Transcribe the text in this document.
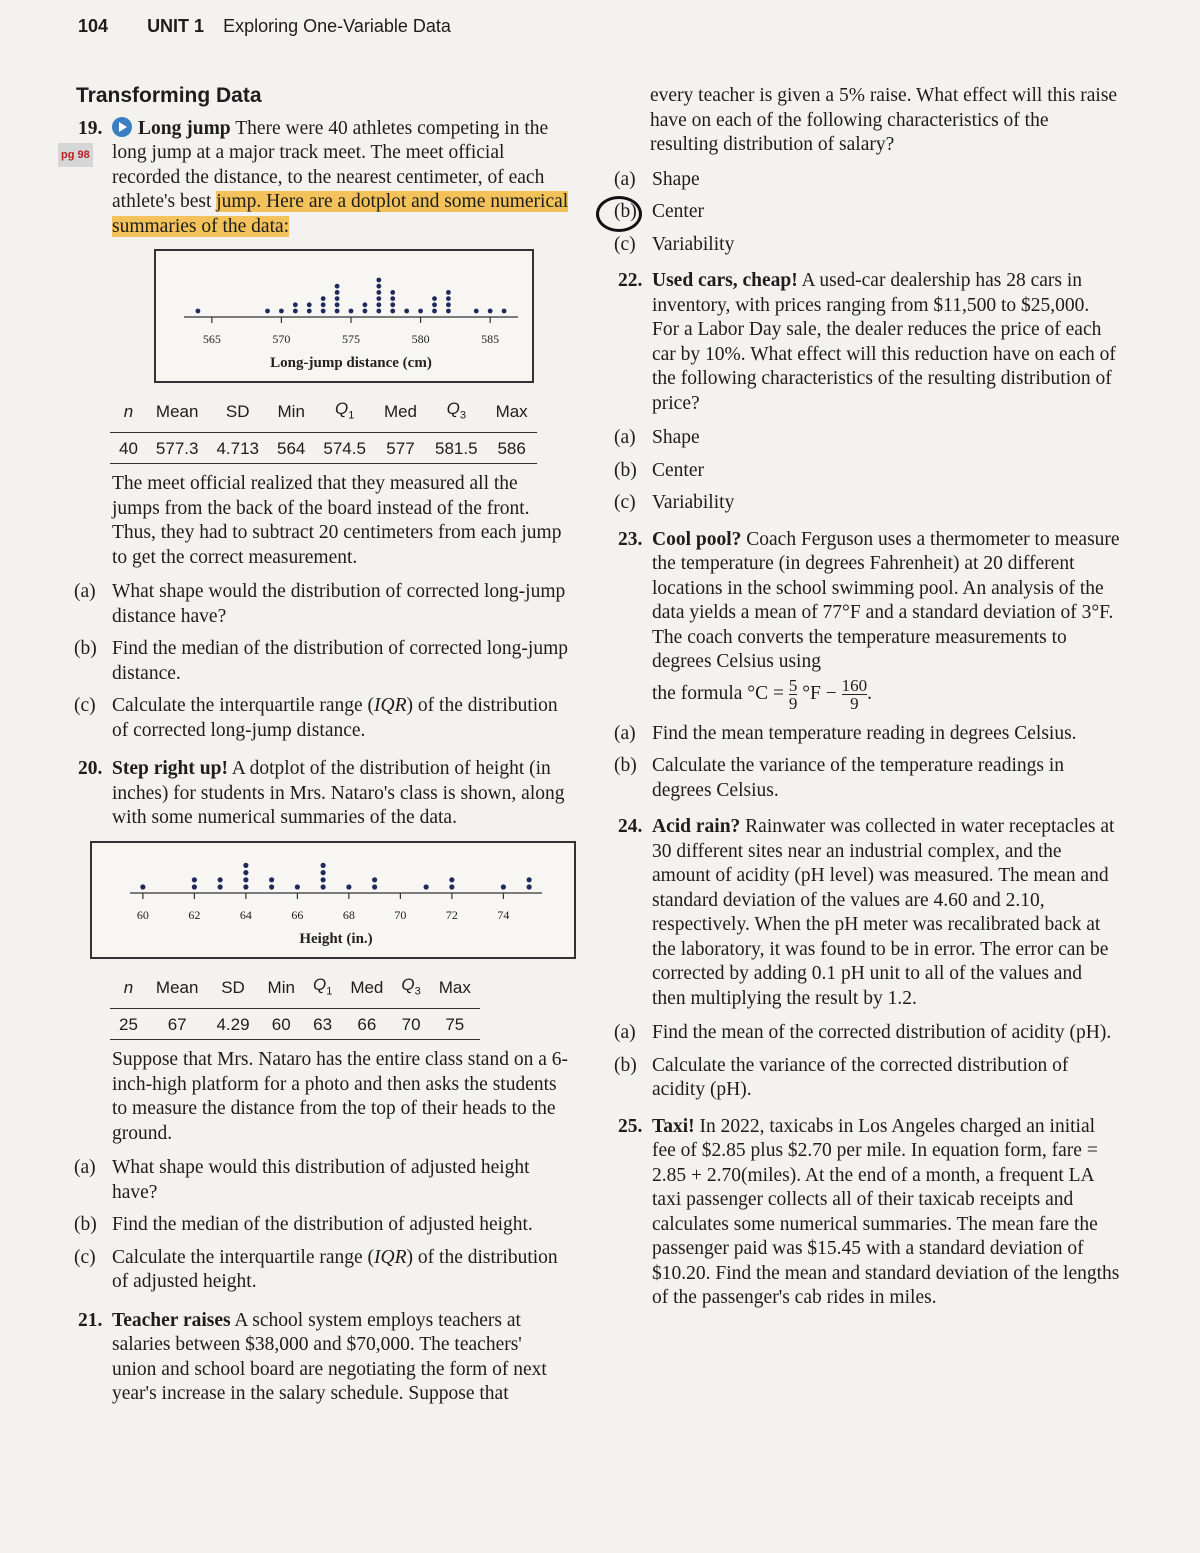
104 UNIT 1 Exploring One-Variable Data
Transforming Data
19.
pg 98
Long jump There were 40 athletes competing in the long jump at a major track meet. The meet official recorded the distance, to the nearest centimeter, of each athlete's best jump. Here are a dotplot and some numerical summaries of the data:
565	570	575	580	585
Long-jump distance (cm)
n	Mean	SD	Min	$Q_1$	Med	$Q_3$	Max
40	577.3	4.713	564	574.5	577	581.5	586
The meet official realized that they measured all the jumps from the back of the board instead of the front. Thus, they had to subtract 20 centimeters from each jump to get the correct measurement.
(a) What shape would the distribution of corrected long-jump distance have?
(b) Find the median of the distribution of corrected long-jump distance.
(c) Calculate the interquartile range (IQR) of the distribution of corrected long-jump distance.
20. Step right up! A dotplot of the distribution of height (in inches) for students in Mrs. Nataro's class is shown, along with some numerical summaries of the data.
60	62	64	66	68	70	72	74
Height (in.)
n	Mean	SD	Min	$Q_1$	Med	$Q_3$	Max
25	67	4.29	60	63	66	70	75
Suppose that Mrs. Nataro has the entire class stand on a 6-inch-high platform for a photo and then asks the students to measure the distance from the top of their heads to the ground.
(a) What shape would this distribution of adjusted height have?
(b) Find the median of the distribution of adjusted height.
(c) Calculate the interquartile range (IQR) of the distribution of adjusted height.
21. Teacher raises A school system employs teachers at salaries between $38,000 and $70,000. The teachers' union and school board are negotiating the form of next year's increase in the salary schedule. Suppose that
every teacher is given a 5% raise. What effect will this raise have on each of the following characteristics of the resulting distribution of salary?
(a) Shape
(b) Center
(c) Variability
22. Used cars, cheap! A used-car dealership has 28 cars in inventory, with prices ranging from $11,500 to $25,000. For a Labor Day sale, the dealer reduces the price of each car by 10%. What effect will this reduction have on each of the following characteristics of the resulting distribution of price?
(a) Shape
(b) Center
(c) Variability
23. Cool pool? Coach Ferguson uses a thermometer to measure the temperature (in degrees Fahrenheit) at 20 different locations in the school swimming pool. An analysis of the data yields a mean of 77°F and a standard deviation of 3°F. The coach converts the temperature measurements to degrees Celsius using
the formula $^\circ C = \frac{5}{9} ^\circ F - \frac{160}{9}$ .
(a) Find the mean temperature reading in degrees Celsius.
(b) Calculate the variance of the temperature readings in degrees Celsius.
24. Acid rain? Rainwater was collected in water receptacles at 30 different sites near an industrial complex, and the amount of acidity (pH level) was measured. The mean and standard deviation of the values are 4.60 and 2.10, respectively. When the pH meter was recalibrated back at the laboratory, it was found to be in error. The error can be corrected by adding 0.1 pH unit to all of the values and then multiplying the result by 1.2.
(a) Find the mean of the corrected distribution of acidity (pH).
(b) Calculate the variance of the corrected distribution of acidity (pH).
25. Taxi! In 2022, taxicabs in Los Angeles charged an initial fee of $2.85 plus $2.70 per mile. In equation form, fare = 2.85 + 2.70(miles). At the end of a month, a frequent LA taxi passenger collects all of their taxicab receipts and calculates some numerical summaries. The mean fare the passenger paid was $15.45 with a standard deviation of $10.20. Find the mean and standard deviation of the lengths of the passenger's cab rides in miles.
